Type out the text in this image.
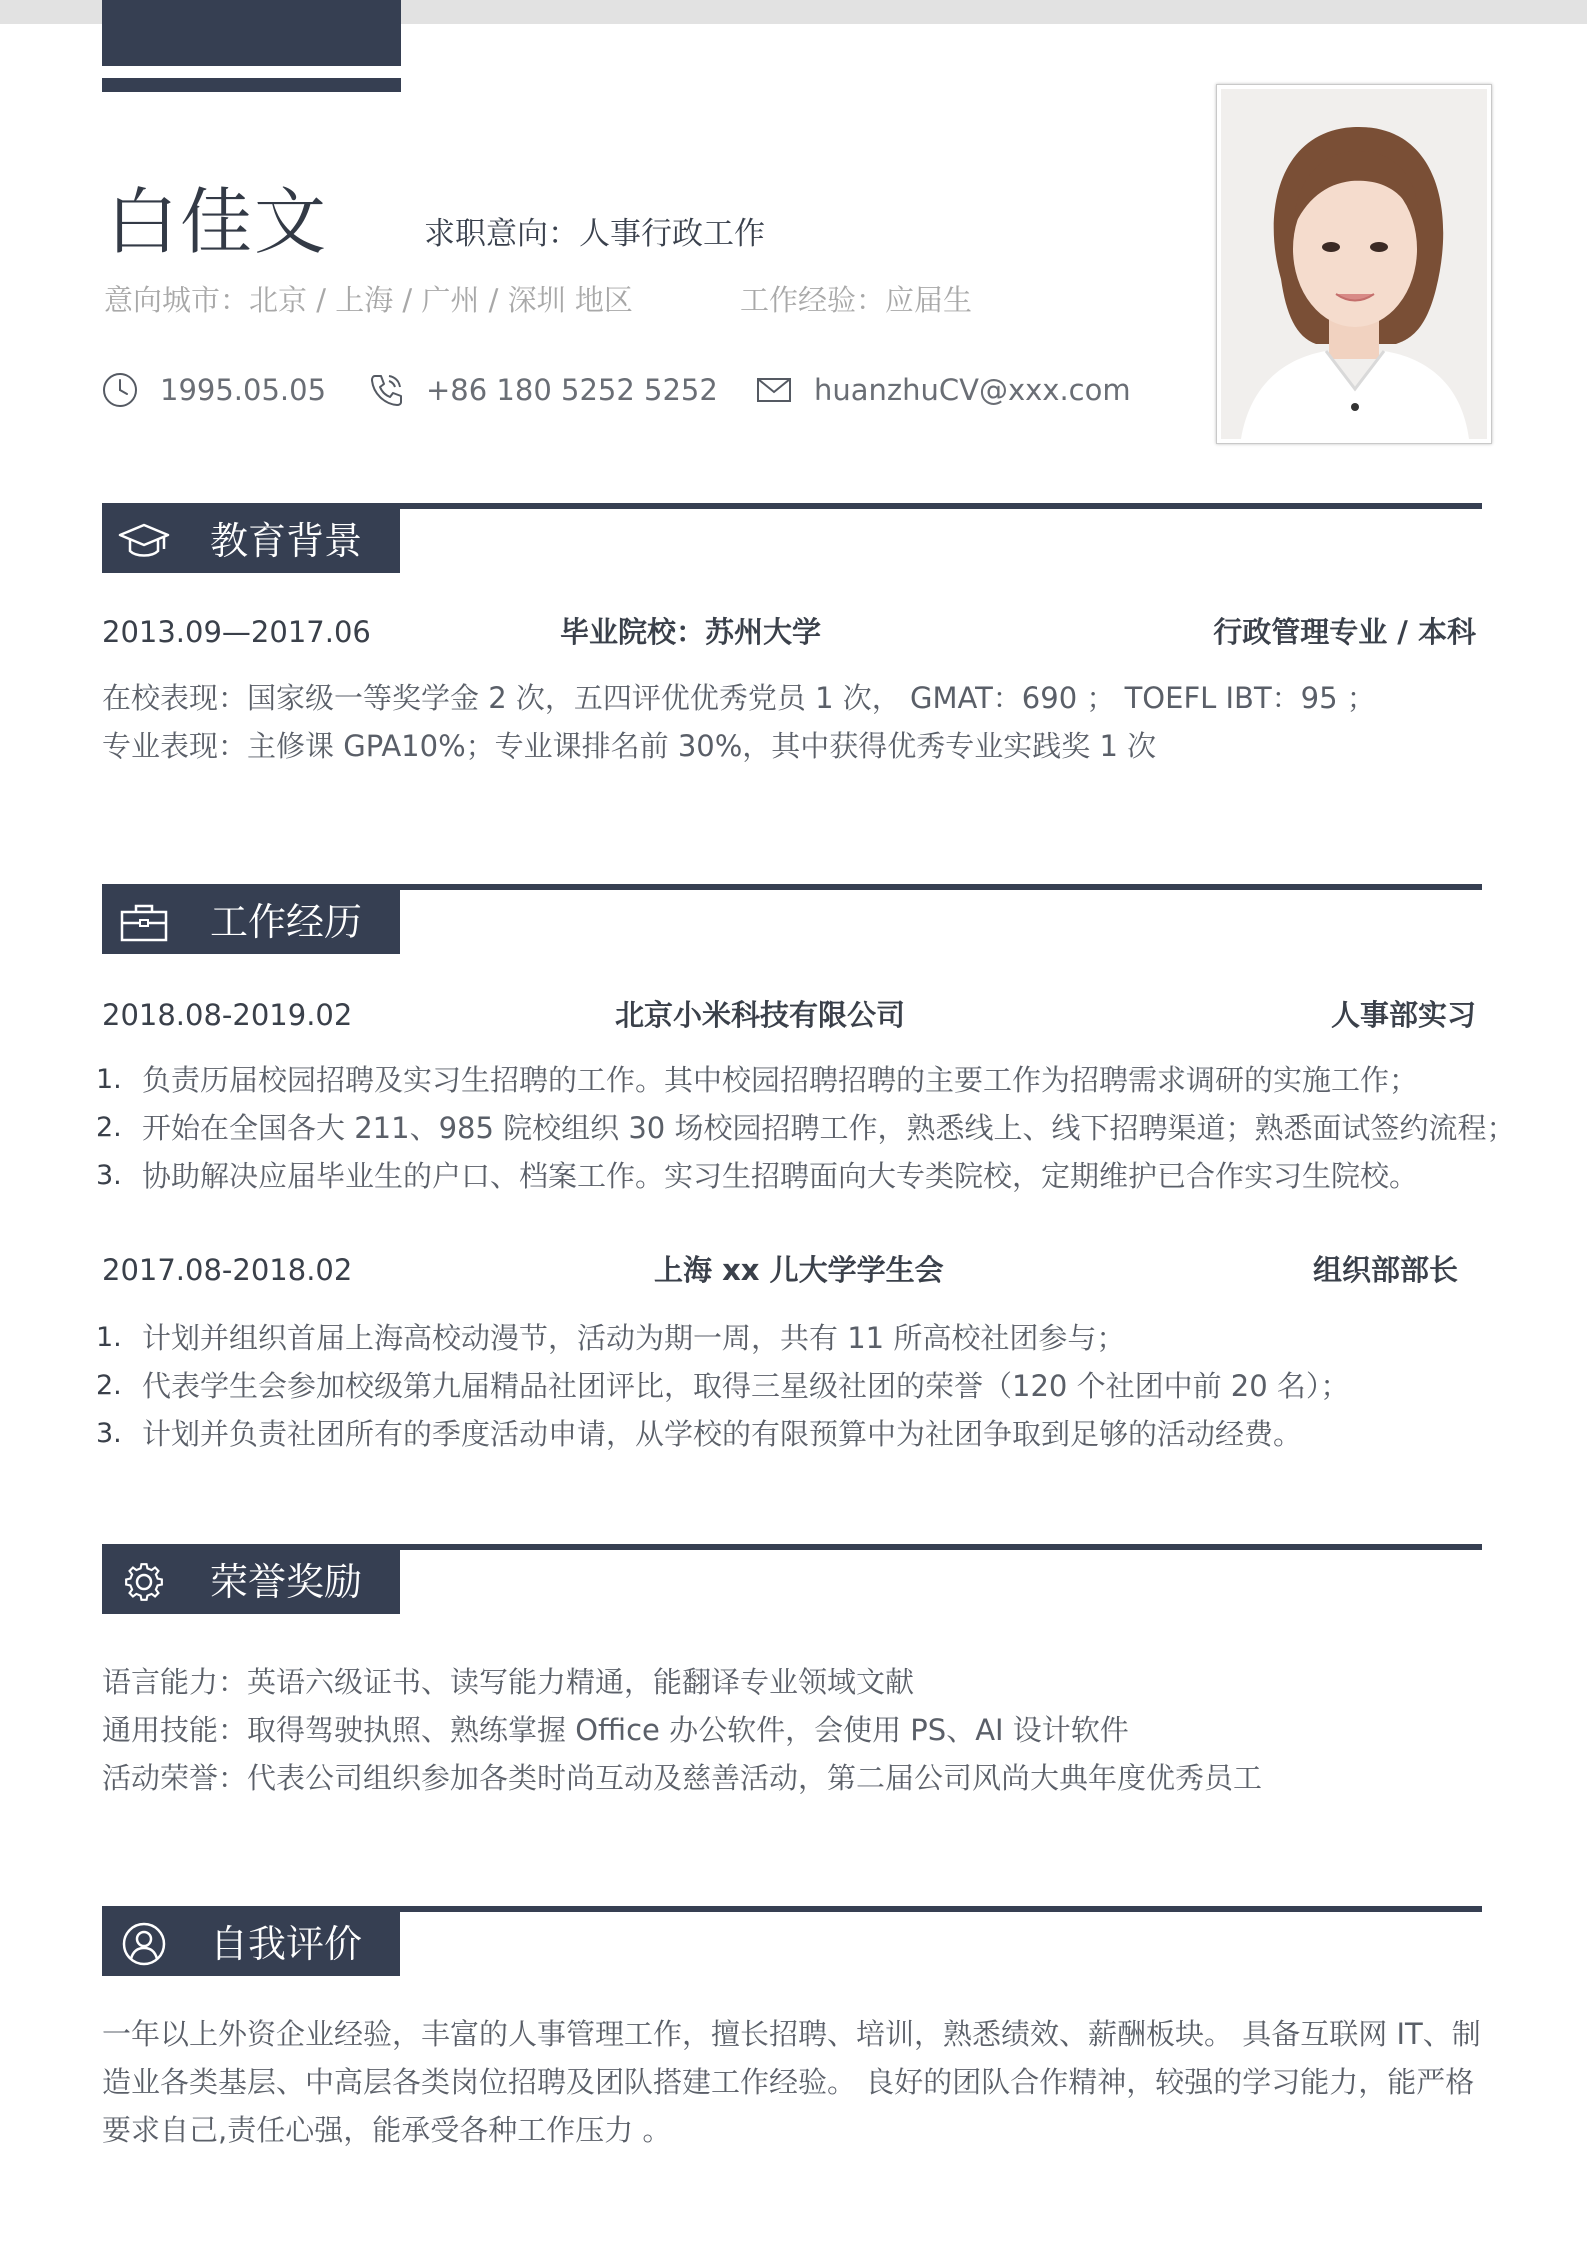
白佳文	求职意向：人事行政工作
意向城市：北京 / 上海 / 广州 / 深圳 地区	工作经验：应届生
1995.05.05	+86 180 5252 5252	huanzhuCV@xxx.com
教育背景
2013.09—2017.06	毕业院校：苏州大学	行政管理专业 / 本科
在校表现：国家级一等奖学金 2 次，五四评优优秀党员 1 次， GMAT：690 ； TOEFL IBT：95 ；
专业表现：主修课 GPA10%；专业课排名前 30%，其中获得优秀专业实践奖 1 次
工作经历
2018.08-2019.02	北京小米科技有限公司	人事部实习
1. 负责历届校园招聘及实习生招聘的工作。其中校园招聘招聘的主要工作为招聘需求调研的实施工作；
2. 开始在全国各大 211、985 院校组织 30 场校园招聘工作，熟悉线上、线下招聘渠道；熟悉面试签约流程；
3. 协助解决应届毕业生的户口、档案工作。实习生招聘面向大专类院校，定期维护已合作实习生院校。
2017.08-2018.02	上海 xx 儿大学学生会	组织部部长
1. 计划并组织首届上海高校动漫节，活动为期一周，共有 11 所高校社团参与；
2. 代表学生会参加校级第九届精品社团评比，取得三星级社团的荣誉（120 个社团中前 20 名）；
3. 计划并负责社团所有的季度活动申请，从学校的有限预算中为社团争取到足够的活动经费。
荣誉奖励
语言能力：英语六级证书、读写能力精通，能翻译专业领域文献
通用技能：取得驾驶执照、熟练掌握 Office 办公软件，会使用 PS、AI 设计软件
活动荣誉：代表公司组织参加各类时尚互动及慈善活动，第二届公司风尚大典年度优秀员工
自我评价
一年以上外资企业经验，丰富的人事管理工作，擅长招聘、培训，熟悉绩效、薪酬板块。 具备互联网 IT、制
造业各类基层、中高层各类岗位招聘及团队搭建工作经验。 良好的团队合作精神，较强的学习能力，能严格
要求自己,责任心强，能承受各种工作压力 。
